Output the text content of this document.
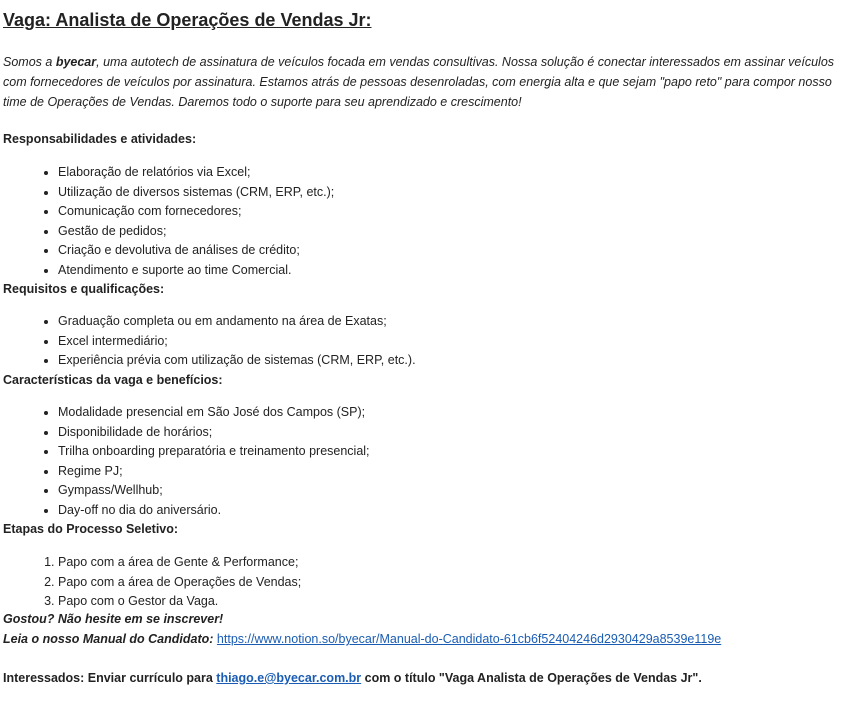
Vaga: Analista de Operações de Vendas Jr:

Somos a byecar, uma autotech de assinatura de veículos focada em vendas consultivas. Nossa solução é conectar interessados em assinar veículos com fornecedores de veículos por assinatura. Estamos atrás de pessoas desenroladas, com energia alta e que sejam "papo reto" para compor nosso time de Operações de Vendas. Daremos todo o suporte para seu aprendizado e crescimento!

Responsabilidades e atividades:
• Elaboração de relatórios via Excel;
• Utilização de diversos sistemas (CRM, ERP, etc.);
• Comunicação com fornecedores;
• Gestão de pedidos;
• Criação e devolutiva de análises de crédito;
• Atendimento e suporte ao time Comercial.
Requisitos e qualificações:
• Graduação completa ou em andamento na área de Exatas;
• Excel intermediário;
• Experiência prévia com utilização de sistemas (CRM, ERP, etc.).
Características da vaga e benefícios:
• Modalidade presencial em São José dos Campos (SP);
• Disponibilidade de horários;
• Trilha onboarding preparatória e treinamento presencial;
• Regime PJ;
• Gympass/Wellhub;
• Day-off no dia do aniversário.
Etapas do Processo Seletivo:
1. Papo com a área de Gente & Performance;
2. Papo com a área de Operações de Vendas;
3. Papo com o Gestor da Vaga.

Gostou? Não hesite em se inscrever!

Leia o nosso Manual do Candidato: https://www.notion.so/byecar/Manual-do-Candidato-61cb6f52404246d2930429a8539e119e

Interessados: Enviar currículo para thiago.e@byecar.com.br com o título "Vaga Analista de Operações de Vendas Jr".
